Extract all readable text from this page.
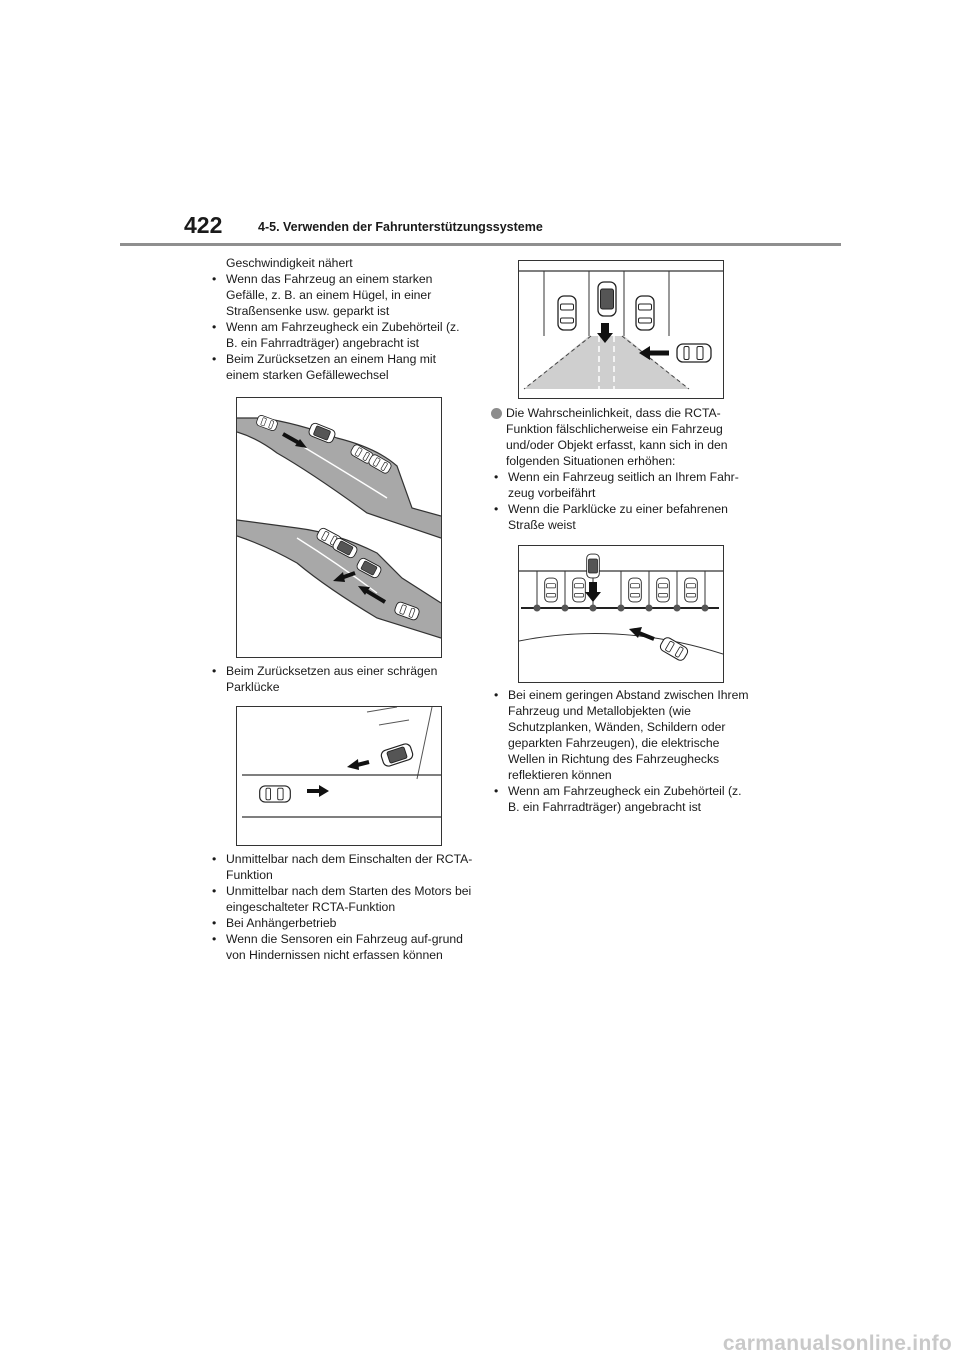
422	4-5. Verwenden der Fahrunterstützungssysteme

Geschwindigkeit nähert

• Wenn das Fahrzeug an einem starken Gefälle, z. B. an einem Hügel, in einer Straßensenke usw. geparkt ist

• Wenn am Fahrzeugheck ein Zubehörteil (z. B. ein Fahrradträger) angebracht ist

• Beim Zurücksetzen an einem Hang mit einem starken Gefällewechsel

• Beim Zurücksetzen aus einer schrägen Parklücke

• Unmittelbar nach dem Einschalten der RCTA-Funktion

• Unmittelbar nach dem Starten des Motors bei eingeschalteter RCTA-Funktion

• Bei Anhängerbetrieb

• Wenn die Sensoren ein Fahrzeug auf-grund von Hindernissen nicht erfassen können

Die Wahrscheinlichkeit, dass die RCTA-Funktion fälschlicherweise ein Fahrzeug und/oder Objekt erfasst, kann sich in den folgenden Situationen erhöhen:

• Wenn ein Fahrzeug seitlich an Ihrem Fahr-zeug vorbeifährt

• Wenn die Parklücke zu einer befahrenen Straße weist

• Bei einem geringen Abstand zwischen Ihrem Fahrzeug und Metallobjekten (wie Schutzplanken, Wänden, Schildern oder geparkten Fahrzeugen), die elektrische Wellen in Richtung des Fahrzeughecks reflektieren können

• Wenn am Fahrzeugheck ein Zubehörteil (z. B. ein Fahrradträger) angebracht ist

carmanualsonline.info
